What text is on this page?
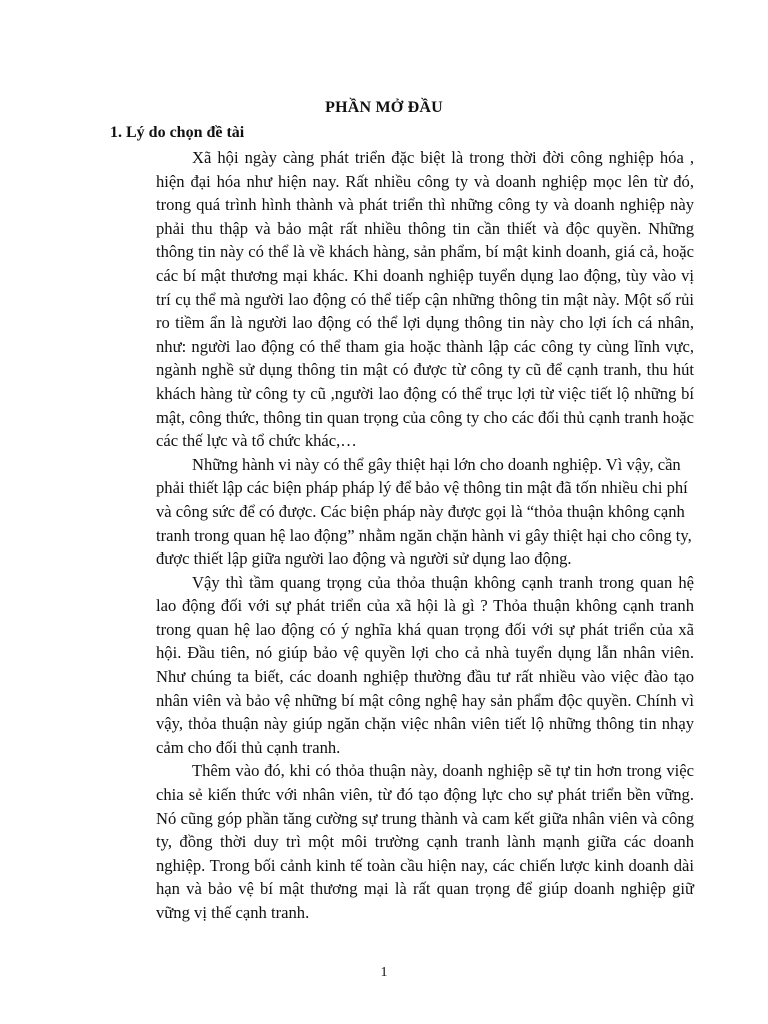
PHẦN MỞ ĐẦU
1. Lý do chọn đề tài

Xã hội ngày càng phát triển đặc biệt là trong thời đời công nghiệp hóa , hiện đại hóa như hiện nay. Rất nhiều công ty và doanh nghiệp mọc lên từ đó, trong quá trình hình thành và phát triển thì những công ty và doanh nghiệp này phải thu thập và bảo mật rất nhiều thông tin cần thiết và độc quyền. Những thông tin này có thể là về khách hàng, sản phẩm, bí mật kinh doanh, giá cả, hoặc các bí mật thương mại khác. Khi doanh nghiệp tuyển dụng lao động, tùy vào vị trí cụ thể mà người lao động có thể tiếp cận những thông tin mật này. Một số rủi ro tiềm ẩn là người lao động có thể lợi dụng thông tin này cho lợi ích cá nhân, như: người lao động có thể tham gia hoặc thành lập các công ty cùng lĩnh vực, ngành nghề sử dụng thông tin mật có được từ công ty cũ để cạnh tranh, thu hút khách hàng từ công ty cũ ,người lao động có thể trục lợi từ việc tiết lộ những bí mật, công thức, thông tin quan trọng của công ty cho các đối thủ cạnh tranh hoặc các thế lực và tổ chức khác,…

Những hành vi này có thể gây thiệt hại lớn cho doanh nghiệp. Vì vậy, cần phải thiết lập các biện pháp pháp lý để bảo vệ thông tin mật đã tốn nhiều chi phí và công sức để có được. Các biện pháp này được gọi là “thỏa thuận không cạnh tranh trong quan hệ lao động” nhằm ngăn chặn hành vi gây thiệt hại cho công ty, được thiết lập giữa người lao động và người sử dụng lao động.

Vậy thì tầm quang trọng của thỏa thuận không cạnh tranh trong quan hệ lao động đối với sự phát triển của xã hội là gì ? Thỏa thuận không cạnh tranh trong quan hệ lao động có ý nghĩa khá quan trọng đối với sự phát triển của xã hội. Đầu tiên, nó giúp bảo vệ quyền lợi cho cả nhà tuyển dụng lẫn nhân viên. Như chúng ta biết, các doanh nghiệp thường đầu tư rất nhiều vào việc đào tạo nhân viên và bảo vệ những bí mật công nghệ hay sản phẩm độc quyền. Chính vì vậy, thỏa thuận này giúp ngăn chặn việc nhân viên tiết lộ những thông tin nhạy cảm cho đối thủ cạnh tranh.

Thêm vào đó, khi có thỏa thuận này, doanh nghiệp sẽ tự tin hơn trong việc chia sẻ kiến thức với nhân viên, từ đó tạo động lực cho sự phát triển bền vững. Nó cũng góp phần tăng cường sự trung thành và cam kết giữa nhân viên và công ty, đồng thời duy trì một môi trường cạnh tranh lành mạnh giữa các doanh nghiệp. Trong bối cảnh kinh tế toàn cầu hiện nay, các chiến lược kinh doanh dài hạn và bảo vệ bí mật thương mại là rất quan trọng để giúp doanh nghiệp giữ vững vị thế cạnh tranh.

1
